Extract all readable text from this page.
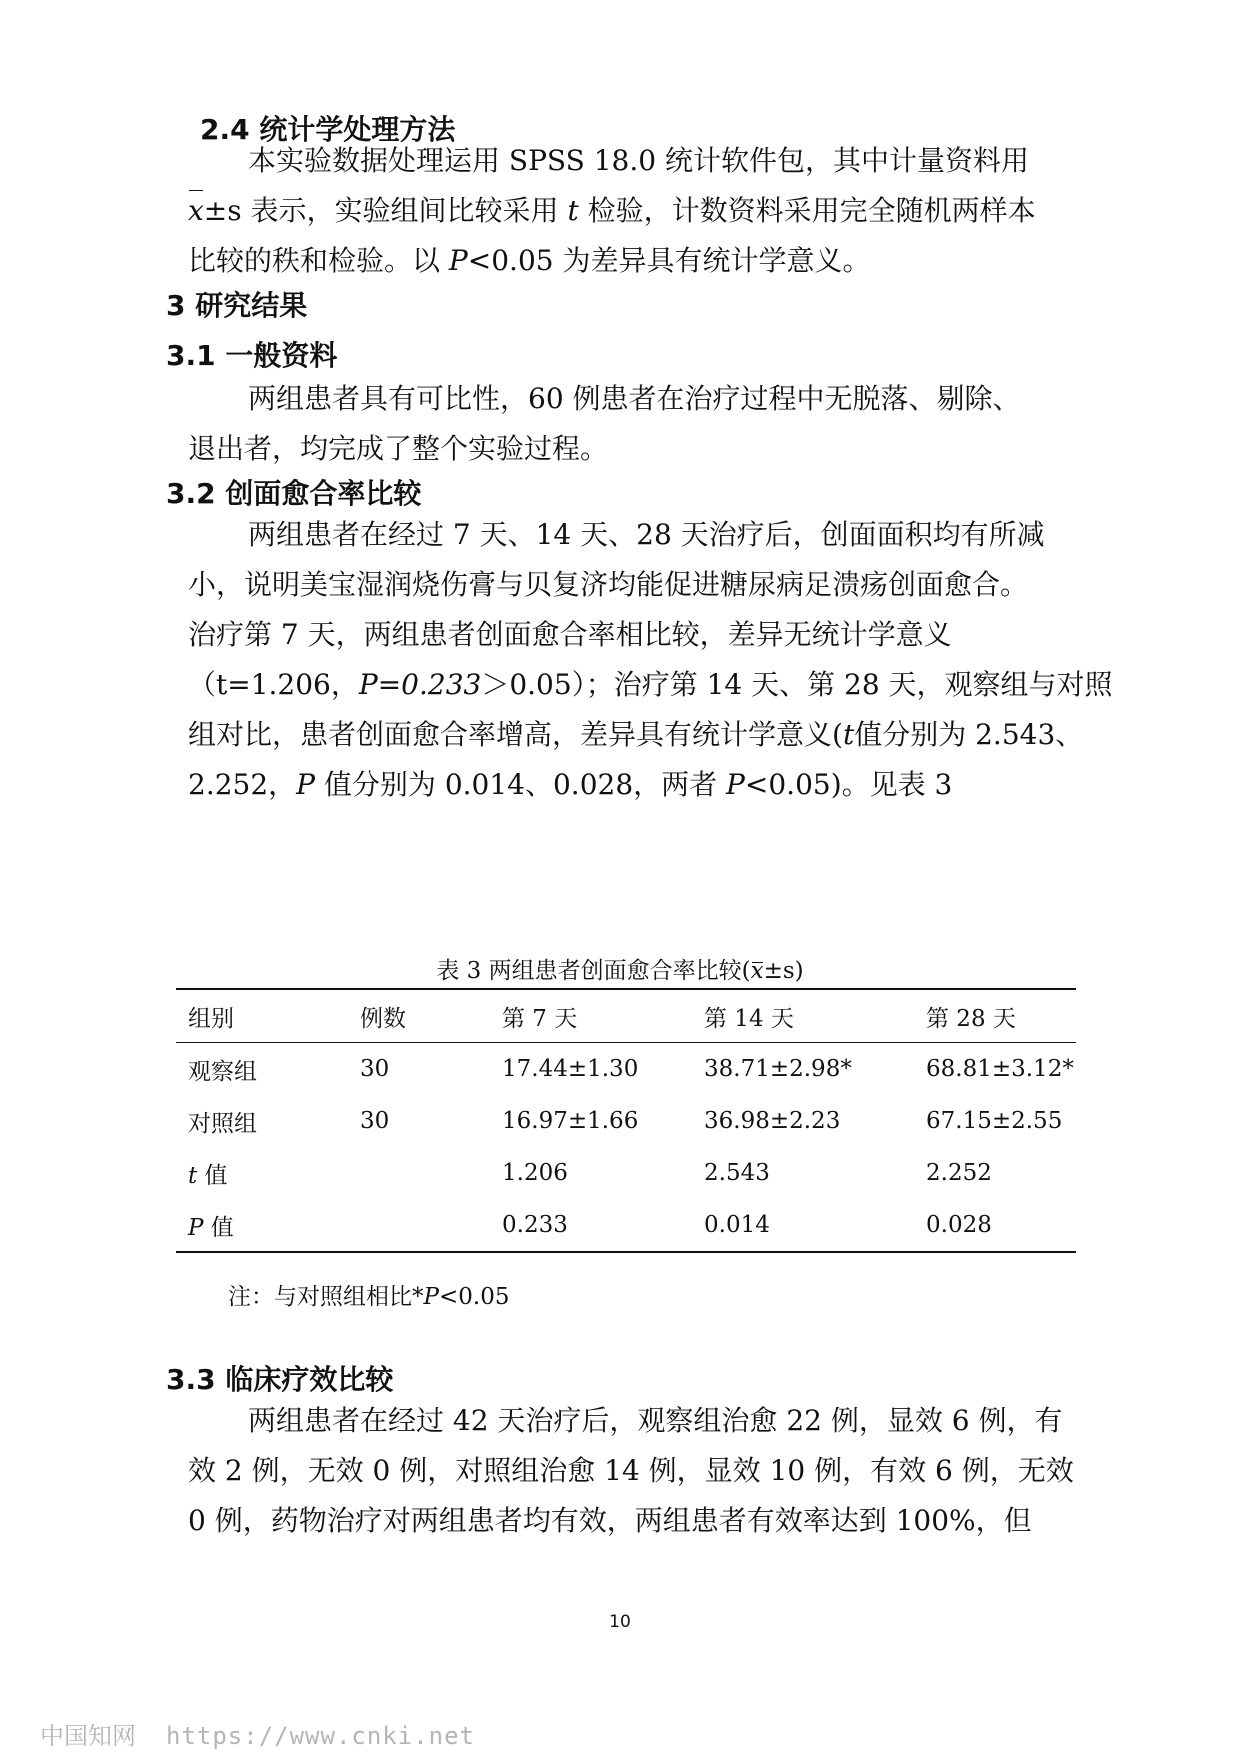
2.4 统计学处理方法
本实验数据处理运用 SPSS 18.0 统计软件包，其中计量资料用
x±s 表示，实验组间比较采用 t 检验，计数资料采用完全随机两样本
比较的秩和检验。以 P<0.05 为差异具有统计学意义。
3 研究结果
3.1 一般资料
两组患者具有可比性，60 例患者在治疗过程中无脱落、剔除、
退出者，均完成了整个实验过程。
3.2 创面愈合率比较
两组患者在经过 7 天、14 天、28 天治疗后，创面面积均有所减
小，说明美宝湿润烧伤膏与贝复济均能促进糖尿病足溃疡创面愈合。
治疗第 7 天，两组患者创面愈合率相比较，差异无统计学意义
（t=1.206，P=0.233＞0.05）；治疗第 14 天、第 28 天，观察组与对照
组对比，患者创面愈合率增高，差异具有统计学意义(t值分别为 2.543、
2.252，P 值分别为 0.014、0.028，两者 P<0.05)。见表 3
表 3 两组患者创面愈合率比较(x±s)
组别	例数	第 7 天	第 14 天	第 28 天
观察组	30	17.44±1.30	38.71±2.98*	68.81±3.12*
对照组	30	16.97±1.66	36.98±2.23	67.15±2.55
t 值		1.206	2.543	2.252
P 值		0.233	0.014	0.028
注：与对照组相比*P<0.05
3.3 临床疗效比较
两组患者在经过 42 天治疗后，观察组治愈 22 例，显效 6 例，有
效 2 例，无效 0 例，对照组治愈 14 例，显效 10 例，有效 6 例，无效
0 例，药物治疗对两组患者均有效，两组患者有效率达到 100%，但
10
中国知网 https://www.cnki.net
